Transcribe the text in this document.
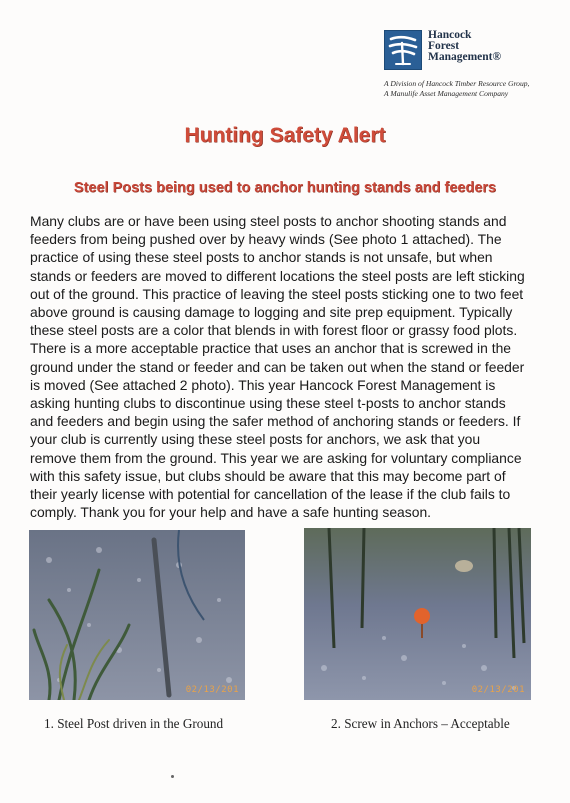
Hancock
Forest
Management®
A Division of Hancock Timber Resource Group,
A Manulife Asset Management Company
Hunting Safety Alert
Steel Posts being used to anchor hunting stands and feeders
Many clubs are or have been using steel posts to anchor shooting stands and
feeders from being pushed over by heavy winds (See photo 1 attached). The
practice of using these steel posts to anchor stands is not unsafe, but when
stands or feeders are moved to different locations the steel posts are left sticking
out of the ground. This practice of leaving the steel posts sticking one to two feet
above ground is causing damage to logging and site prep equipment. Typically
these steel posts are a color that blends in with forest floor or grassy food plots.
There is a more acceptable practice that uses an anchor that is screwed in the
ground under the stand or feeder and can be taken out when the stand or feeder
is moved (See attached 2 photo). This year Hancock Forest Management is
asking hunting clubs to discontinue using these steel t-posts to anchor stands
and feeders and begin using the safer method of anchoring stands or feeders. If
your club is currently using these steel posts for anchors, we ask that you
remove them from the ground. This year we are asking for voluntary compliance
with this safety issue, but clubs should be aware that this may become part of
their yearly license with potential for cancellation of the lease if the club fails to
comply. Thank you for your help and have a safe hunting season.
02/13/201	02/13/201
1. Steel Post driven in the Ground	2. Screw in Anchors – Acceptable
